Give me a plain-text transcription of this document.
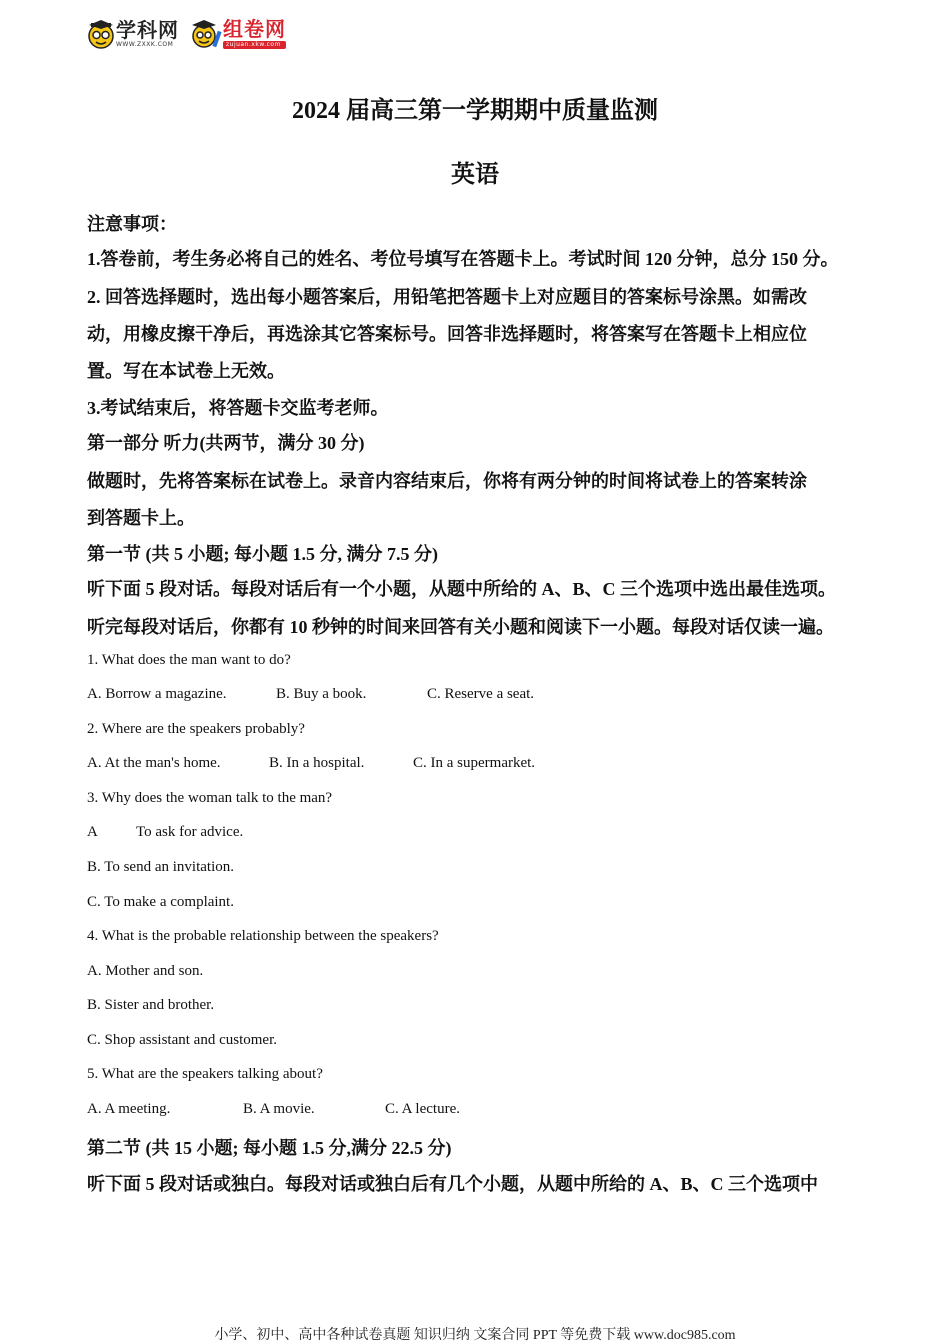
学科网
WWW.ZXXK.COM
组卷网
zujuan.xkw.com
2024 届高三第一学期期中质量监测
英语
注意事项：
1.答卷前，考生务必将自己的姓名、考位号填写在答题卡上。考试时间 120 分钟，总分 150 分。
2. 回答选择题时，选出每小题答案后，用铅笔把答题卡上对应题目的答案标号涂黑。如需改
动，用橡皮擦干净后，再选涂其它答案标号。回答非选择题时，将答案写在答题卡上相应位
置。写在本试卷上无效。
3.考试结束后，将答题卡交监考老师。
第一部分 听力(共两节，满分 30 分)
做题时，先将答案标在试卷上。录音内容结束后，你将有两分钟的时间将试卷上的答案转涂
到答题卡上。
第一节 (共 5 小题; 每小题 1.5 分, 满分 7.5 分)
听下面 5 段对话。每段对话后有一个小题，从题中所给的 A、B、C 三个选项中选出最佳选项。
听完每段对话后，你都有 10 秒钟的时间来回答有关小题和阅读下一小题。每段对话仅读一遍。
1. What does the man want to do?
A. Borrow a magazine.	B. Buy a book.	C. Reserve a seat.
2. Where are the speakers probably?
A. At the man's home.	B. In a hospital.	C. In a supermarket.
3. Why does the woman talk to the man?
A	To ask for advice.
B. To send an invitation.
C. To make a complaint.
4. What is the probable relationship between the speakers?
A. Mother and son.
B. Sister and brother.
C. Shop assistant and customer.
5. What are the speakers talking about?
A. A meeting.	B. A movie.	C. A lecture.
第二节 (共 15 小题; 每小题 1.5 分,满分 22.5 分)
听下面 5 段对话或独白。每段对话或独白后有几个小题，从题中所给的 A、B、C 三个选项中
小学、初中、高中各种试卷真题 知识归纳 文案合同 PPT 等免费下载 www.doc985.com
